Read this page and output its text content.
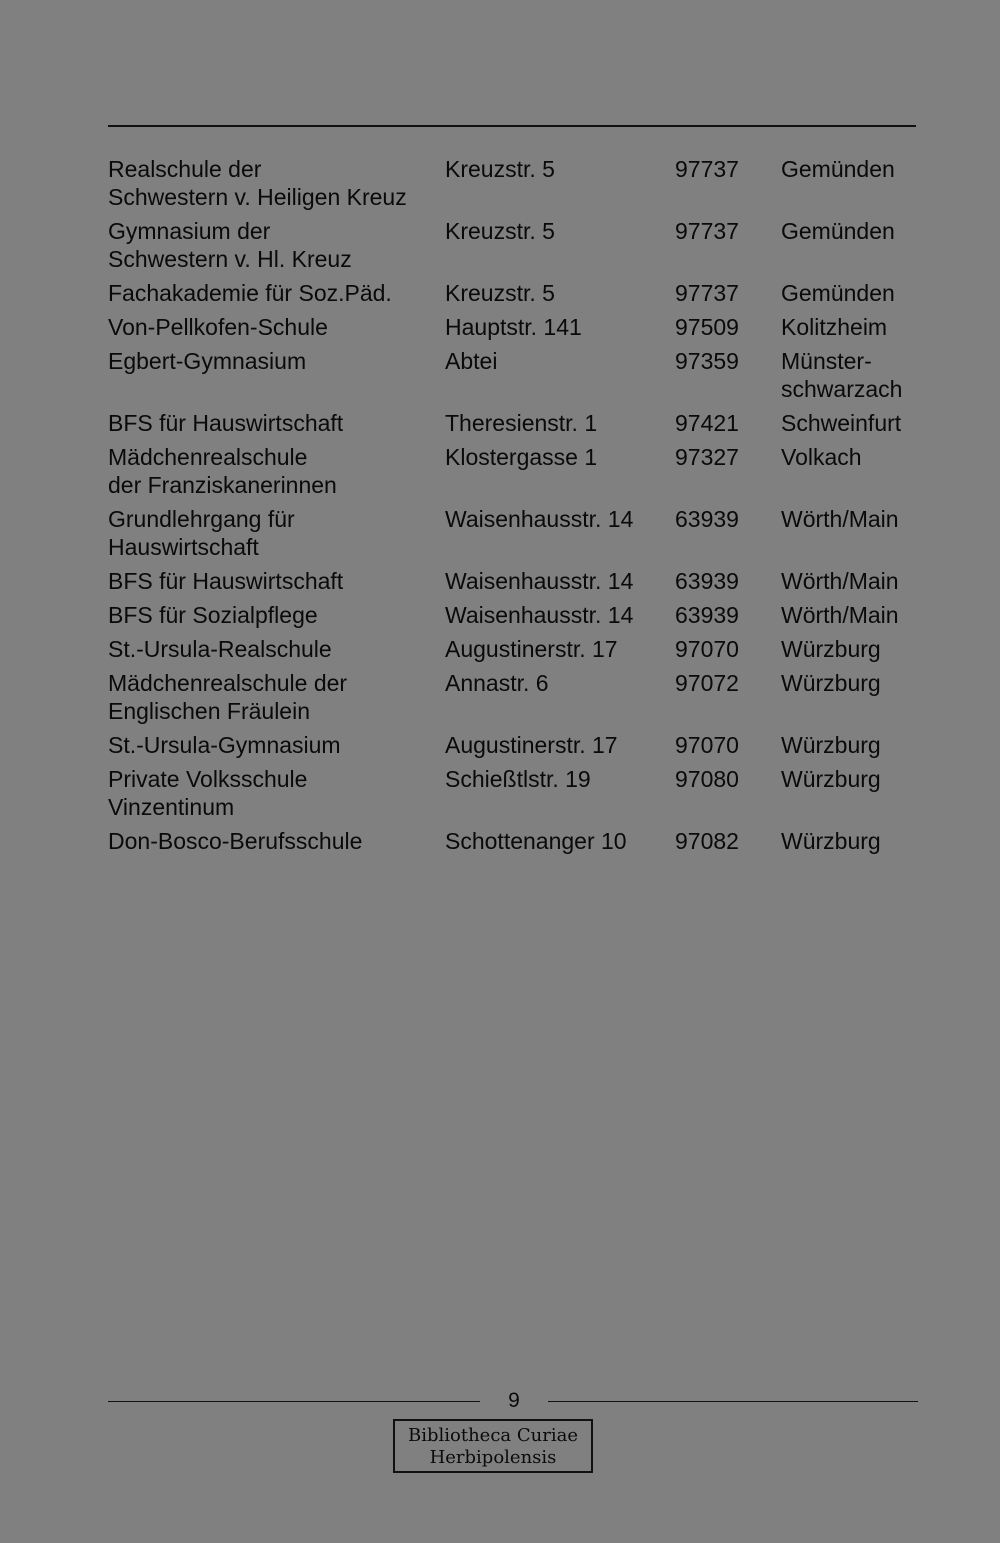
Realschule der
Schwestern v. Heiligen Kreuz
Kreuzstr. 5	97737	Gemünden
Gymnasium der
Schwestern v. Hl. Kreuz
Kreuzstr. 5	97737	Gemünden
Fachakademie für Soz.Päd.	Kreuzstr. 5	97737	Gemünden
Von-Pellkofen-Schule	Hauptstr. 141	97509	Kolitzheim
Egbert-Gymnasium	Abtei	97359	Münster-
schwarzach
BFS für Hauswirtschaft	Theresienstr. 1	97421	Schweinfurt
Mädchenrealschule
der Franziskanerinnen
Klostergasse 1	97327	Volkach
Grundlehrgang für
Hauswirtschaft
Waisenhausstr. 14	63939	Wörth/Main
BFS für Hauswirtschaft	Waisenhausstr. 14	63939	Wörth/Main
BFS für Sozialpflege	Waisenhausstr. 14	63939	Wörth/Main
St.-Ursula-Realschule	Augustinerstr. 17	97070	Würzburg
Mädchenrealschule der
Englischen Fräulein
Annastr. 6	97072	Würzburg
St.-Ursula-Gymnasium	Augustinerstr. 17	97070	Würzburg
Private Volksschule
Vinzentinum
Schießtlstr. 19	97080	Würzburg
Don-Bosco-Berufsschule	Schottenanger 10	97082	Würzburg
9
Bibliotheca Curiae
Herbipolensis
